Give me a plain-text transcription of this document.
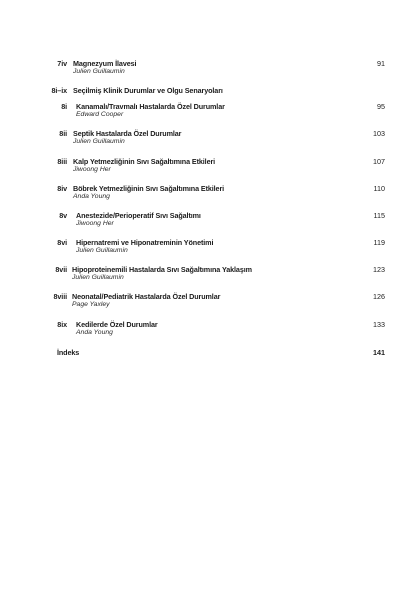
7iv Magnezyum İlavesi
Julien Guillaumin
91
8i–ix Seçilmiş Klinik Durumlar ve Olgu Senaryoları
8i Kanamalı/Travmalı Hastalarda Özel Durumlar
Edward Cooper
95
8ii Septik Hastalarda Özel Durumlar
Julien Guillaumin
103
8iii Kalp Yetmezliğinin Sıvı Sağaltımına Etkileri
Jiwoong Her
107
8iv Böbrek Yetmezliğinin Sıvı Sağaltımına Etkileri
Anda Young
110
8v Anestezide/Perioperatif Sıvı Sağaltımı
Jiwoong Her
115
8vi Hipernatremi ve Hiponatreminin Yönetimi
Julien Guillaumin
119
8vii Hipoproteinemili Hastalarda Sıvı Sağaltımına Yaklaşım
Julien Guillaumin
123
8viii Neonatal/Pediatrik Hastalarda Özel Durumlar
Page Yaxley
126
8ix Kedilerde Özel Durumlar
Anda Young
133
İndeks	141
